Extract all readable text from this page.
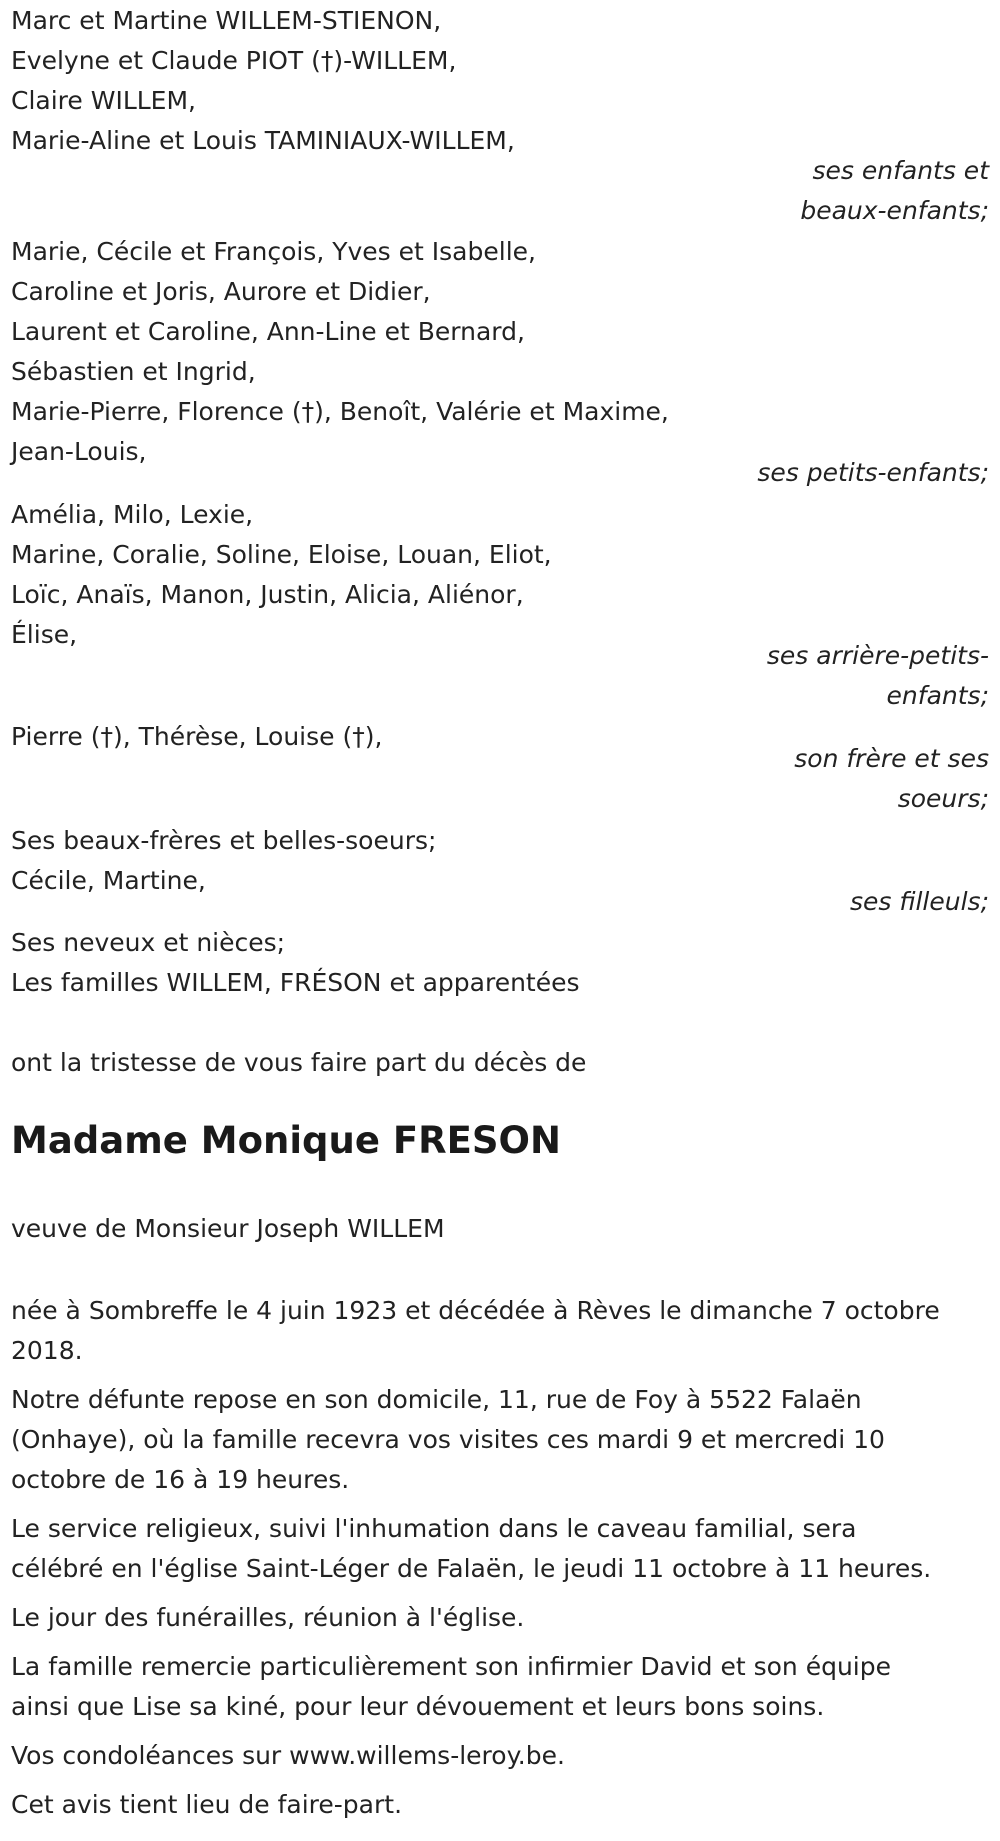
Marc et Martine WILLEM-STIENON,
Evelyne et Claude PIOT (†)-WILLEM,
Claire WILLEM,
Marie-Aline et Louis TAMINIAUX-WILLEM,
ses enfants et
beaux-enfants;
Marie, Cécile et François, Yves et Isabelle,
Caroline et Joris, Aurore et Didier,
Laurent et Caroline, Ann-Line et Bernard,
Sébastien et Ingrid,
Marie-Pierre, Florence (†), Benoît, Valérie et Maxime,
Jean-Louis,
ses petits-enfants;
Amélia, Milo, Lexie,
Marine, Coralie, Soline, Eloise, Louan, Eliot,
Loïc, Anaïs, Manon, Justin, Alicia, Aliénor,
Élise,
ses arrière-petits-
enfants;
Pierre (†), Thérèse, Louise (†),
son frère et ses
soeurs;
Ses beaux-frères et belles-soeurs;
Cécile, Martine,
ses filleuls;
Ses neveux et nièces;
Les familles WILLEM, FRÉSON et apparentées
ont la tristesse de vous faire part du décès de
Madame Monique FRESON
veuve de Monsieur Joseph WILLEM
née à Sombreffe le 4 juin 1923 et décédée à Rèves le dimanche 7 octobre
2018.
Notre défunte repose en son domicile, 11, rue de Foy à 5522 Falaën
(Onhaye), où la famille recevra vos visites ces mardi 9 et mercredi 10
octobre de 16 à 19 heures.
Le service religieux, suivi l'inhumation dans le caveau familial, sera
célébré en l'église Saint-Léger de Falaën, le jeudi 11 octobre à 11 heures.
Le jour des funérailles, réunion à l'église.
La famille remercie particulièrement son infirmier David et son équipe
ainsi que Lise sa kiné, pour leur dévouement et leurs bons soins.
Vos condoléances sur www.willems-leroy.be.
Cet avis tient lieu de faire-part.
